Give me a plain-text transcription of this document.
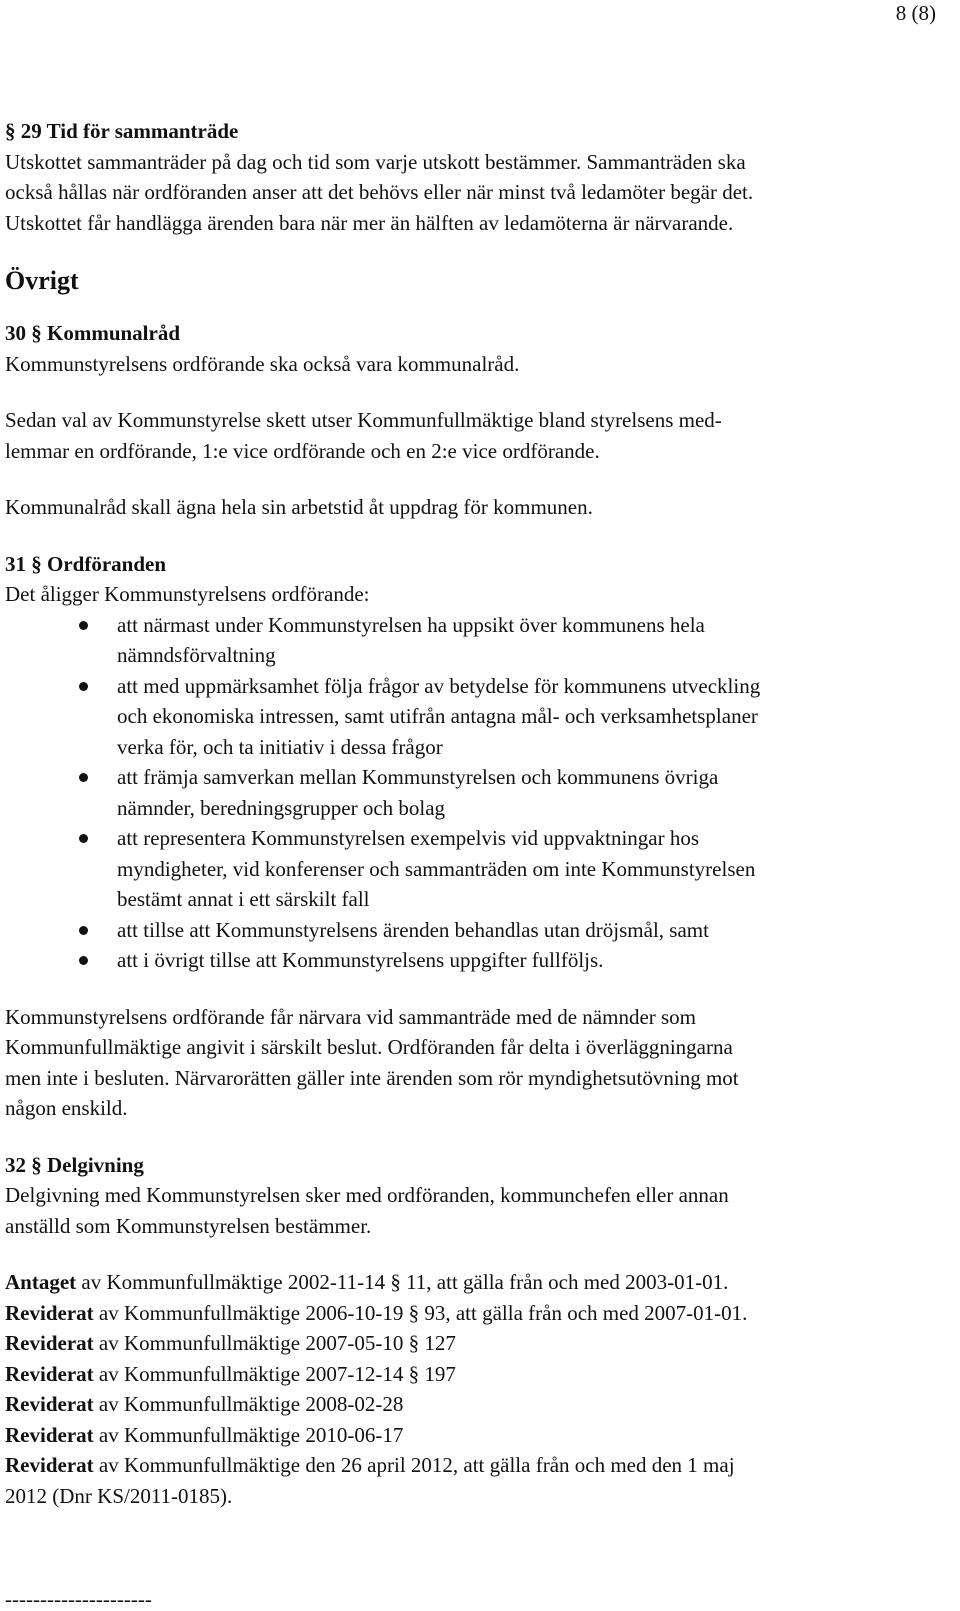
8 (8)

§ 29 Tid för sammanträde

Utskottet sammanträder på dag och tid som varje utskott bestämmer. Sammanträden ska

också hållas när ordföranden anser att det behövs eller när minst två ledamöter begär det.

Utskottet får handlägga ärenden bara när mer än hälften av ledamöterna är närvarande.

Övrigt

30 § Kommunalråd

Kommunstyrelsens ordförande ska också vara kommunalråd.

Sedan val av Kommunstyrelse skett utser Kommunfullmäktige bland styrelsens med-

lemmar en ordförande, 1:e vice ordförande och en 2:e vice ordförande.

Kommunalråd skall ägna hela sin arbetstid åt uppdrag för kommunen.

31 § Ordföranden

Det åligger Kommunstyrelsens ordförande:

att närmast under Kommunstyrelsen ha uppsikt över kommunens hela

nämndsförvaltning

att med uppmärksamhet följa frågor av betydelse för kommunens utveckling

och ekonomiska intressen, samt utifrån antagna mål- och verksamhetsplaner

verka för, och ta initiativ i dessa frågor

att främja samverkan mellan Kommunstyrelsen och kommunens övriga

nämnder, beredningsgrupper och bolag

att representera Kommunstyrelsen exempelvis vid uppvaktningar hos

myndigheter, vid konferenser och sammanträden om inte Kommunstyrelsen

bestämt annat i ett särskilt fall

att tillse att Kommunstyrelsens ärenden behandlas utan dröjsmål, samt

att i övrigt tillse att Kommunstyrelsens uppgifter fullföljs.

Kommunstyrelsens ordförande får närvara vid sammanträde med de nämnder som

Kommunfullmäktige angivit i särskilt beslut. Ordföranden får delta i överläggningarna

men inte i besluten. Närvarorätten gäller inte ärenden som rör myndighetsutövning mot

någon enskild.

32 § Delgivning

Delgivning med Kommunstyrelsen sker med ordföranden, kommunchefen eller annan

anställd som Kommunstyrelsen bestämmer.

Antaget av Kommunfullmäktige 2002-11-14 § 11, att gälla från och med 2003-01-01.

Reviderat av Kommunfullmäktige 2006-10-19 § 93, att gälla från och med 2007-01-01.

Reviderat av Kommunfullmäktige 2007-05-10 § 127

Reviderat av Kommunfullmäktige 2007-12-14 § 197

Reviderat av Kommunfullmäktige 2008-02-28

Reviderat av Kommunfullmäktige 2010-06-17

Reviderat av Kommunfullmäktige den 26 april 2012, att gälla från och med den 1 maj

2012 (Dnr KS/2011-0185).

---------------------
